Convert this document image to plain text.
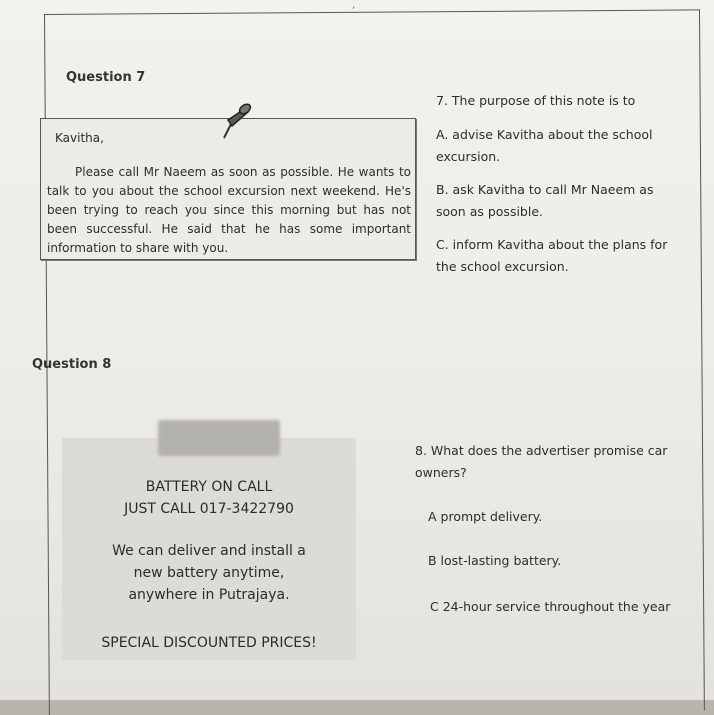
,
Question 7
Kavitha,
Please call Mr Naeem as soon as possible. He wants to talk to you about the school excursion next weekend. He's been trying to reach you since this morning but has not been successful. He said that he has some important information to share with you.
7. The purpose of this note is to
A. advise Kavitha about the school excursion.
B. ask Kavitha to call Mr Naeem as soon as possible.
C. inform Kavitha about the plans for the school excursion.
Question 8
BATTERY ON CALL
JUST CALL 017-3422790
We can deliver and install a new battery anytime, anywhere in Putrajaya.
SPECIAL DISCOUNTED PRICES!
8. What does the advertiser promise car owners?
A prompt delivery.
B lost-lasting battery.
C 24-hour service throughout the year
